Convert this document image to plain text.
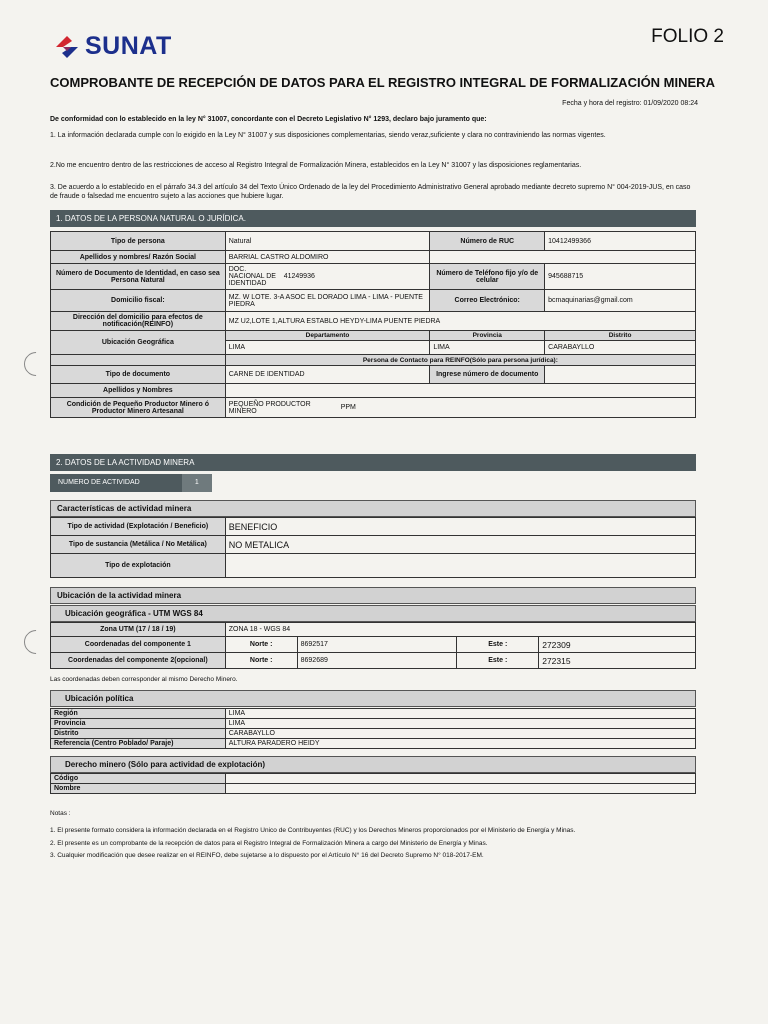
FOLIO 2
SUNAT
COMPROBANTE DE RECEPCIÓN DE DATOS PARA EL REGISTRO INTEGRAL DE FORMALIZACIÓN MINERA
Fecha y hora del registro: 01/09/2020 08:24
De conformidad con lo establecido en la ley N° 31007, concordante con el Decreto Legislativo N° 1293, declaro bajo juramento que:
1. La información declarada cumple con lo exigido en la Ley N° 31007 y sus disposiciones complementarias, siendo veraz,suficiente y clara no contraviniendo las normas vigentes.
2.No me encuentro dentro de las restricciones de acceso al Registro Integral de Formalización Minera, establecidos en la Ley N° 31007 y las disposiciones reglamentarias.
3. De acuerdo a lo establecido en el párrafo 34.3 del artículo 34 del Texto Único Ordenado de la ley del Procedimiento Administrativo General aprobado mediante decreto supremo N° 004-2019-JUS, en caso de fraude o falsedad me encuentro sujeto a las acciones que hubiere lugar.
1. DATOS DE LA PERSONA NATURAL O JURÍDICA.
Tipo de persona	Natural	Número de RUC	10412499366
Apellidos y nombres/ Razón Social	BARRIAL CASTRO ALDOMIRO		
Número de Documento de Identidad, en caso sea Persona Natural	DOC.
NACIONAL DE 41249936
IDENTIDAD	Número de Teléfono fijo y/o de celular	945688715
Domicilio fiscal:	MZ. W LOTE. 3-A ASOC EL DORADO LIMA - LIMA - PUENTE PIEDRA	Correo Electrónico:	bcmaquinarias@gmail.com
Dirección del domicilio para efectos de notificación(REINFO)	MZ U2,LOTE 1,ALTURA ESTABLO HEYDY-LIMA PUENTE PIEDRA		
Ubicación Geográfica	Departamento	Provincia	Distrito
	LIMA	LIMA	CARABAYLLO
	Persona de Contacto para REINFO(Sólo para persona jurídica):		
Tipo de documento	CARNE DE IDENTIDAD	Ingrese número de documento	
Apellidos y Nombres			
Condición de Pequeño Productor Minero ó Productor Minero Artesanal	PEQUEÑO PRODUCTOR MINERO PPM		
2. DATOS DE LA ACTIVIDAD MINERA
NUMERO DE ACTIVIDAD	1
Características de actividad minera
Tipo de actividad (Explotación / Beneficio)	BENEFICIO
Tipo de sustancia (Metálica / No Metálica)	NO METALICA
Tipo de explotación	
Ubicación de la actividad minera
Ubicación geográfica - UTM WGS 84
Zona UTM (17 / 18 / 19)	ZONA 18 - WGS 84			
Coordenadas del componente 1	Norte :	8692517	Este :	272309
Coordenadas del componente 2(opcional)	Norte :	8692689	Este :	272315
Las coordenadas deben corresponder al mismo Derecho Minero.
Ubicación política
Región	LIMA
Provincia	LIMA
Distrito	CARABAYLLO
Referencia (Centro Poblado/ Paraje)	ALTURA PARADERO HEIDY
Derecho minero (Sólo para actividad de explotación)
Código	
Nombre	
Notas :
1. El presente formato considera la información declarada en el Registro Unico de Contribuyentes (RUC) y los Derechos Mineros proporcionados por el Ministerio de Energía y Minas.
2. El presente es un comprobante de la recepción de datos para el Registro Integral de Formalización Minera a cargo del Ministerio de Energía y Minas.
3. Cualquier modificación que desee realizar en el REINFO, debe sujetarse a lo dispuesto por el Artículo N° 16 del Decreto Supremo N° 018-2017-EM.
